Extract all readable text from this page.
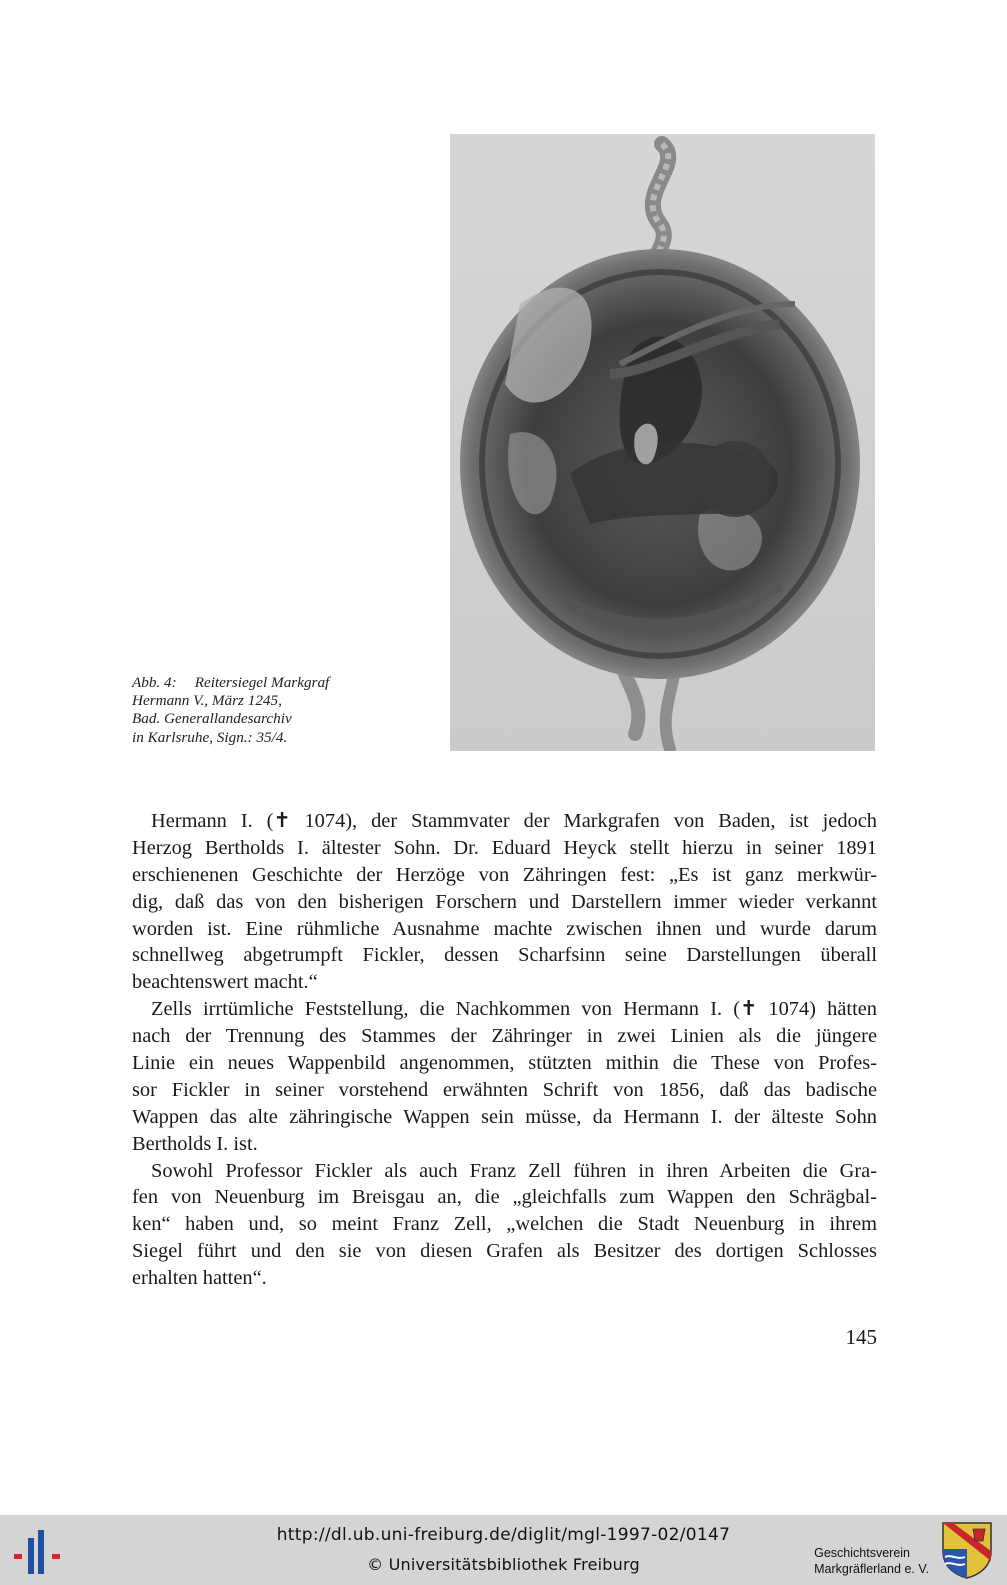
Abb. 4: Reitersiegel Markgraf
Hermann V., März 1245,
Bad. Generallandesarchiv
in Karlsruhe, Sign.: 35/4.
Hermann I. (✝ 1074), der Stammvater der Markgrafen von Baden, ist jedoch
Herzog Bertholds I. ältester Sohn. Dr. Eduard Heyck stellt hierzu in seiner 1891
erschienenen Geschichte der Herzöge von Zähringen fest: „Es ist ganz merkwür-
dig, daß das von den bisherigen Forschern und Darstellern immer wieder verkannt
worden ist. Eine rühmliche Ausnahme machte zwischen ihnen und wurde darum
schnellweg abgetrumpft Fickler, dessen Scharfsinn seine Darstellungen überall
beachtenswert macht.“
Zells irrtümliche Feststellung, die Nachkommen von Hermann I. (✝ 1074) hätten
nach der Trennung des Stammes der Zähringer in zwei Linien als die jüngere
Linie ein neues Wappenbild angenommen, stützten mithin die These von Profes-
sor Fickler in seiner vorstehend erwähnten Schrift von 1856, daß das badische
Wappen das alte zähringische Wappen sein müsse, da Hermann I. der älteste Sohn
Bertholds I. ist.
Sowohl Professor Fickler als auch Franz Zell führen in ihren Arbeiten die Gra-
fen von Neuenburg im Breisgau an, die „gleichfalls zum Wappen den Schrägbal-
ken“ haben und, so meint Franz Zell, „welchen die Stadt Neuenburg in ihrem
Siegel führt und den sie von diesen Grafen als Besitzer des dortigen Schlosses
erhalten hatten“.
145
http://dl.ub.uni-freiburg.de/diglit/mgl-1997-02/0147
© Universitätsbibliothek Freiburg
Geschichtsverein
Markgräflerland e. V.
